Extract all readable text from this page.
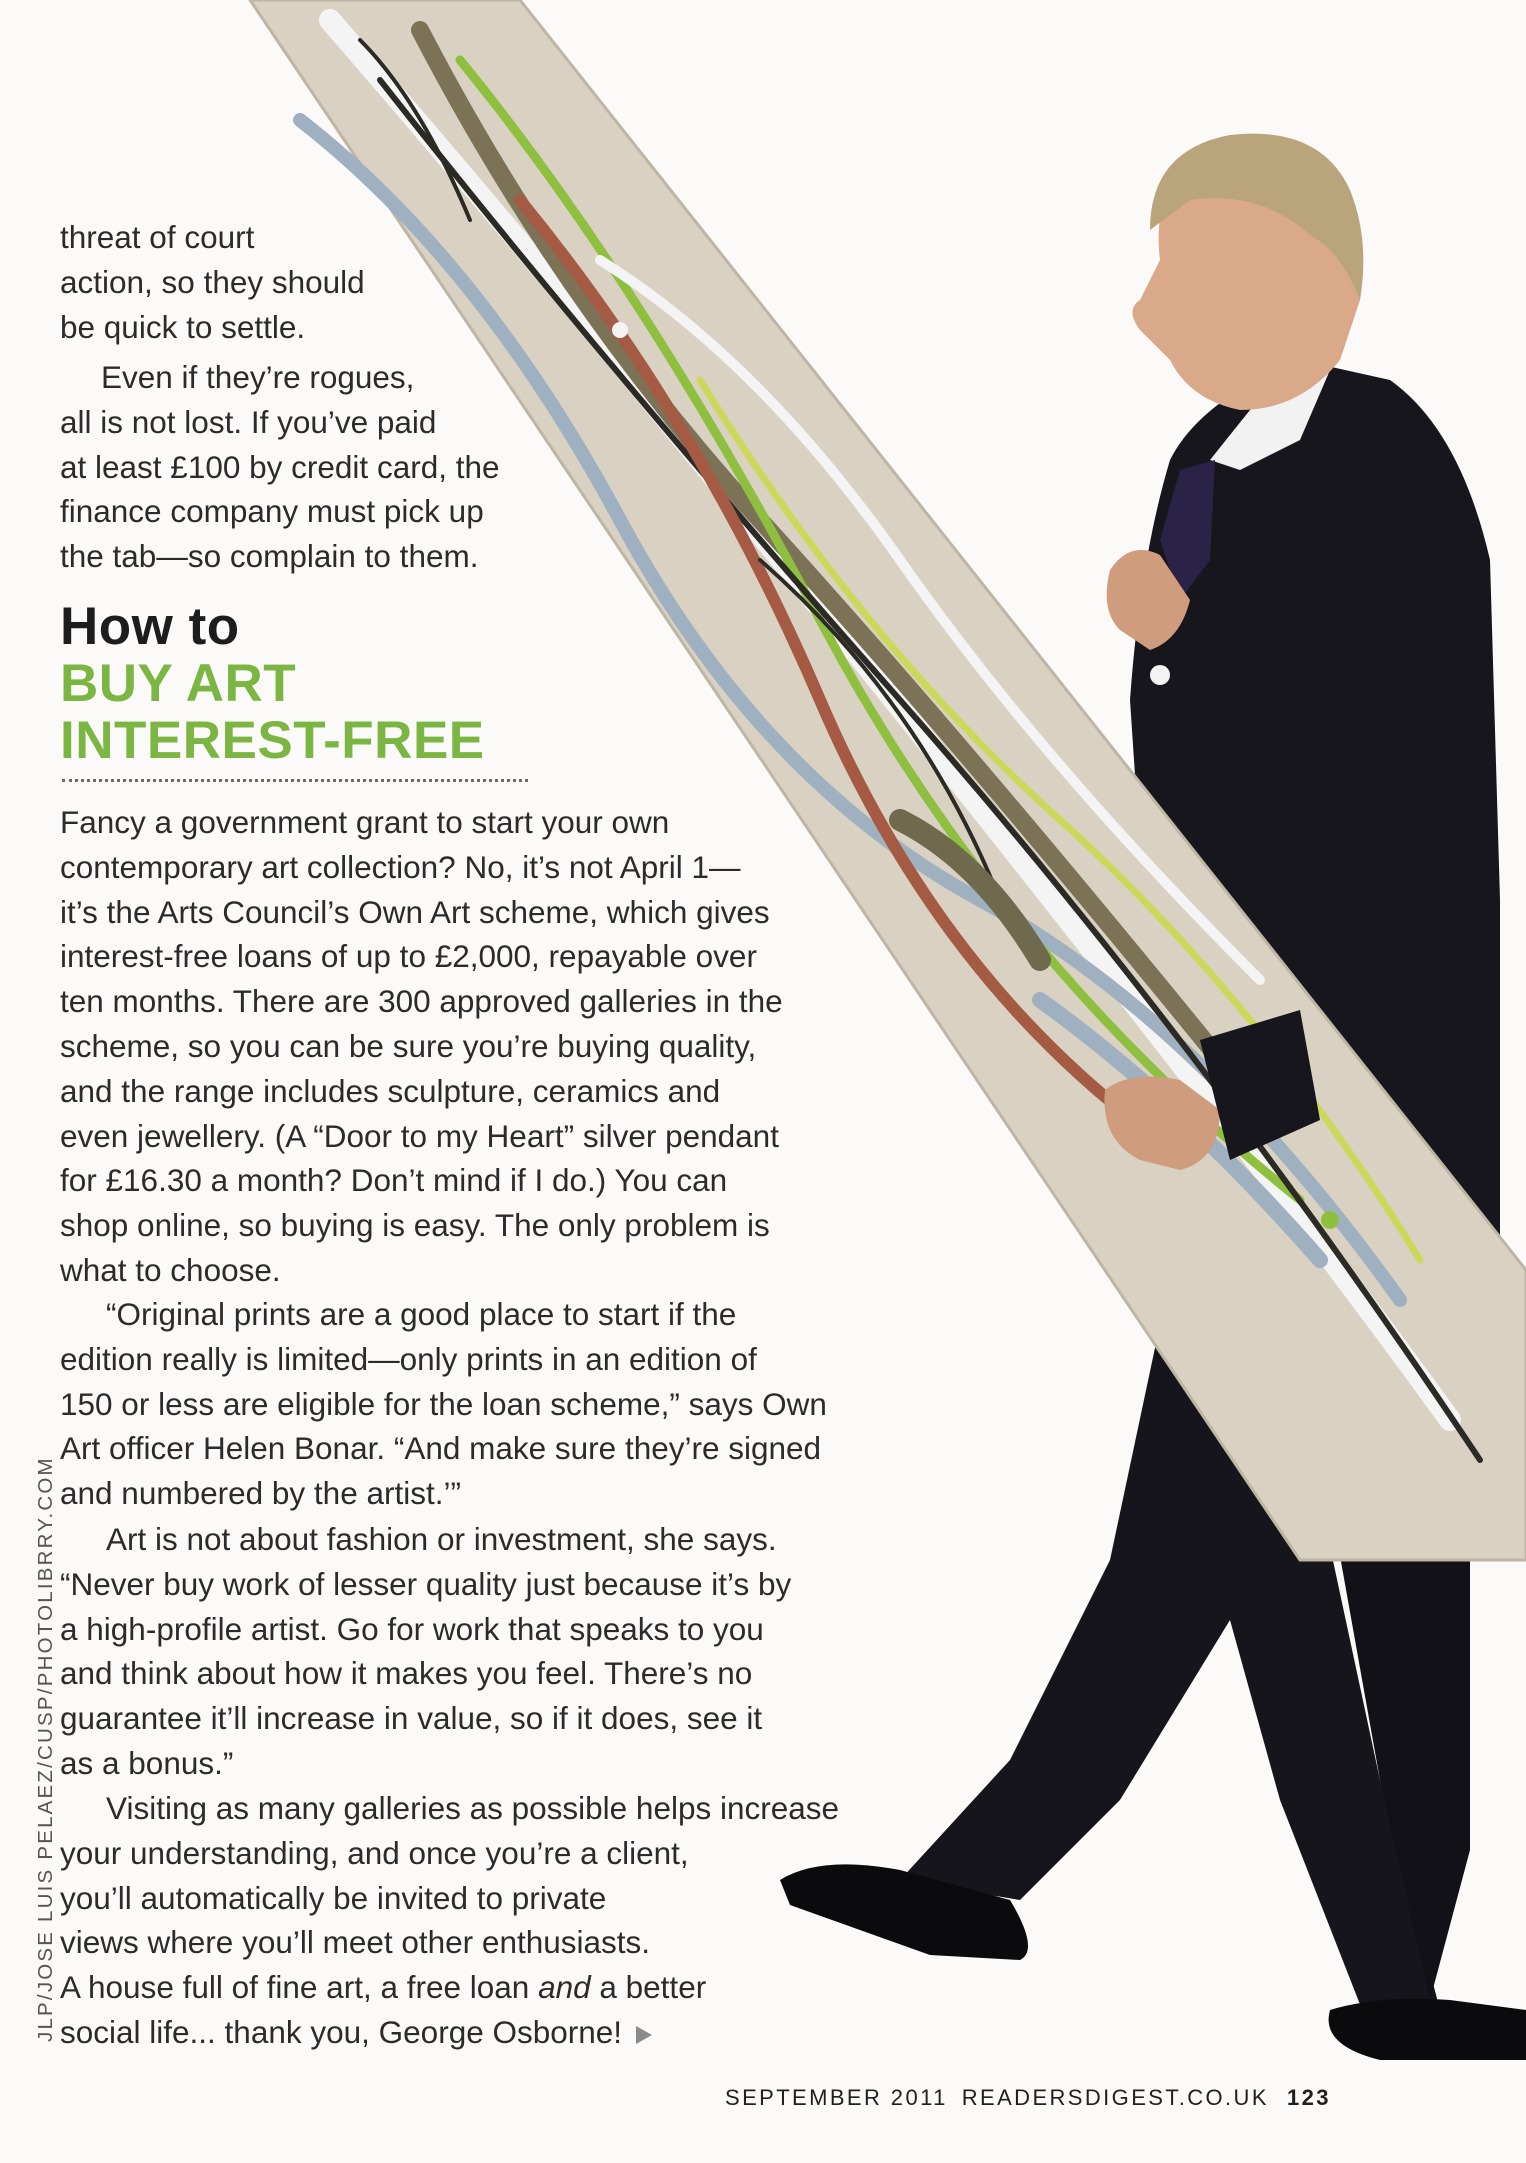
threat of court
action, so they should
be quick to settle.

Even if they’re rogues,
all is not lost. If you’ve paid
at least £100 by credit card, the
finance company must pick up
the tab—so complain to them.

How to
BUY ART
INTEREST-FREE

Fancy a government grant to start your own
contemporary art collection? No, it’s not April 1—
it’s the Arts Council’s Own Art scheme, which gives
interest-free loans of up to £2,000, repayable over
ten months. There are 300 approved galleries in the
scheme, so you can be sure you’re buying quality,
and the range includes sculpture, ceramics and
even jewellery. (A “Door to my Heart” silver pendant
for £16.30 a month? Don’t mind if I do.) You can
shop online, so buying is easy. The only problem is
what to choose.

“Original prints are a good place to start if the
edition really is limited—only prints in an edition of
150 or less are eligible for the loan scheme,” says Own
Art officer Helen Bonar. “And make sure they’re signed
and numbered by the artist.’”

Art is not about fashion or investment, she says.
“Never buy work of lesser quality just because it’s by
a high-profile artist. Go for work that speaks to you
and think about how it makes you feel. There’s no
guarantee it’ll increase in value, so if it does, see it
as a bonus.”

Visiting as many galleries as possible helps increase
your understanding, and once you’re a client,
you’ll automatically be invited to private
views where you’ll meet other enthusiasts.
A house full of fine art, a free loan and a better
social life... thank you, George Osborne!

JLP/JOSE LUIS PELAEZ/CUSP/PHOTOLIBRRY.COM
SEPTEMBER 2011 READERSDIGEST.CO.UK 123
